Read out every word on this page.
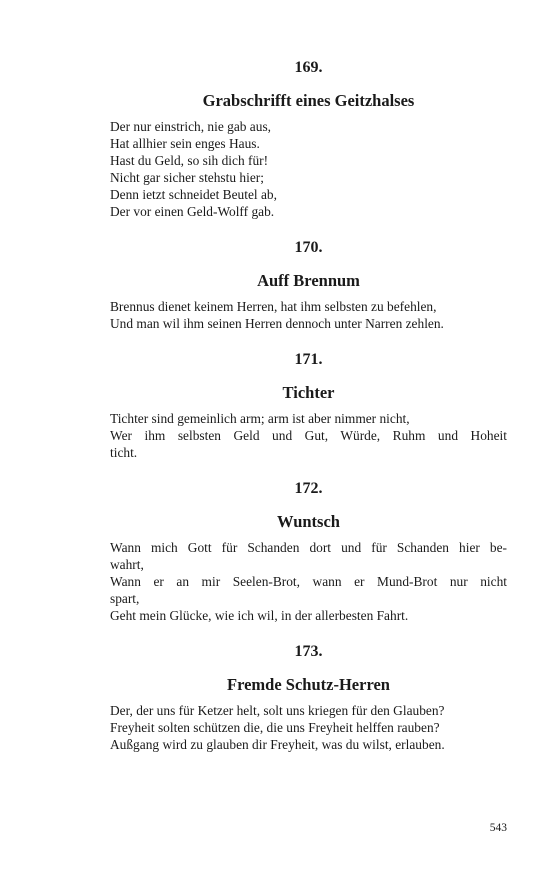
169.
Grabschrifft eines Geitzhalses
Der nur einstrich, nie gab aus,
Hat allhier sein enges Haus.
Hast du Geld, so sih dich für!
Nicht gar sicher stehstu hier;
Denn ietzt schneidet Beutel ab,
Der vor einen Geld-Wolff gab.
170.
Auff Brennum
Brennus dienet keinem Herren, hat ihm selbsten zu befehlen,
Und man wil ihm seinen Herren dennoch unter Narren zehlen.
171.
Tichter
Tichter sind gemeinlich arm; arm ist aber nimmer nicht,
Wer ihm selbsten Geld und Gut, Würde, Ruhm und Hoheit
ticht.
172.
Wuntsch
Wann mich Gott für Schanden dort und für Schanden hier be-
wahrt,
Wann er an mir Seelen-Brot, wann er Mund-Brot nur nicht
spart,
Geht mein Glücke, wie ich wil, in der allerbesten Fahrt.
173.
Fremde Schutz-Herren
Der, der uns für Ketzer helt, solt uns kriegen für den Glauben?
Freyheit solten schützen die, die uns Freyheit helffen rauben?
Außgang wird zu glauben dir Freyheit, was du wilst, erlauben.
543
